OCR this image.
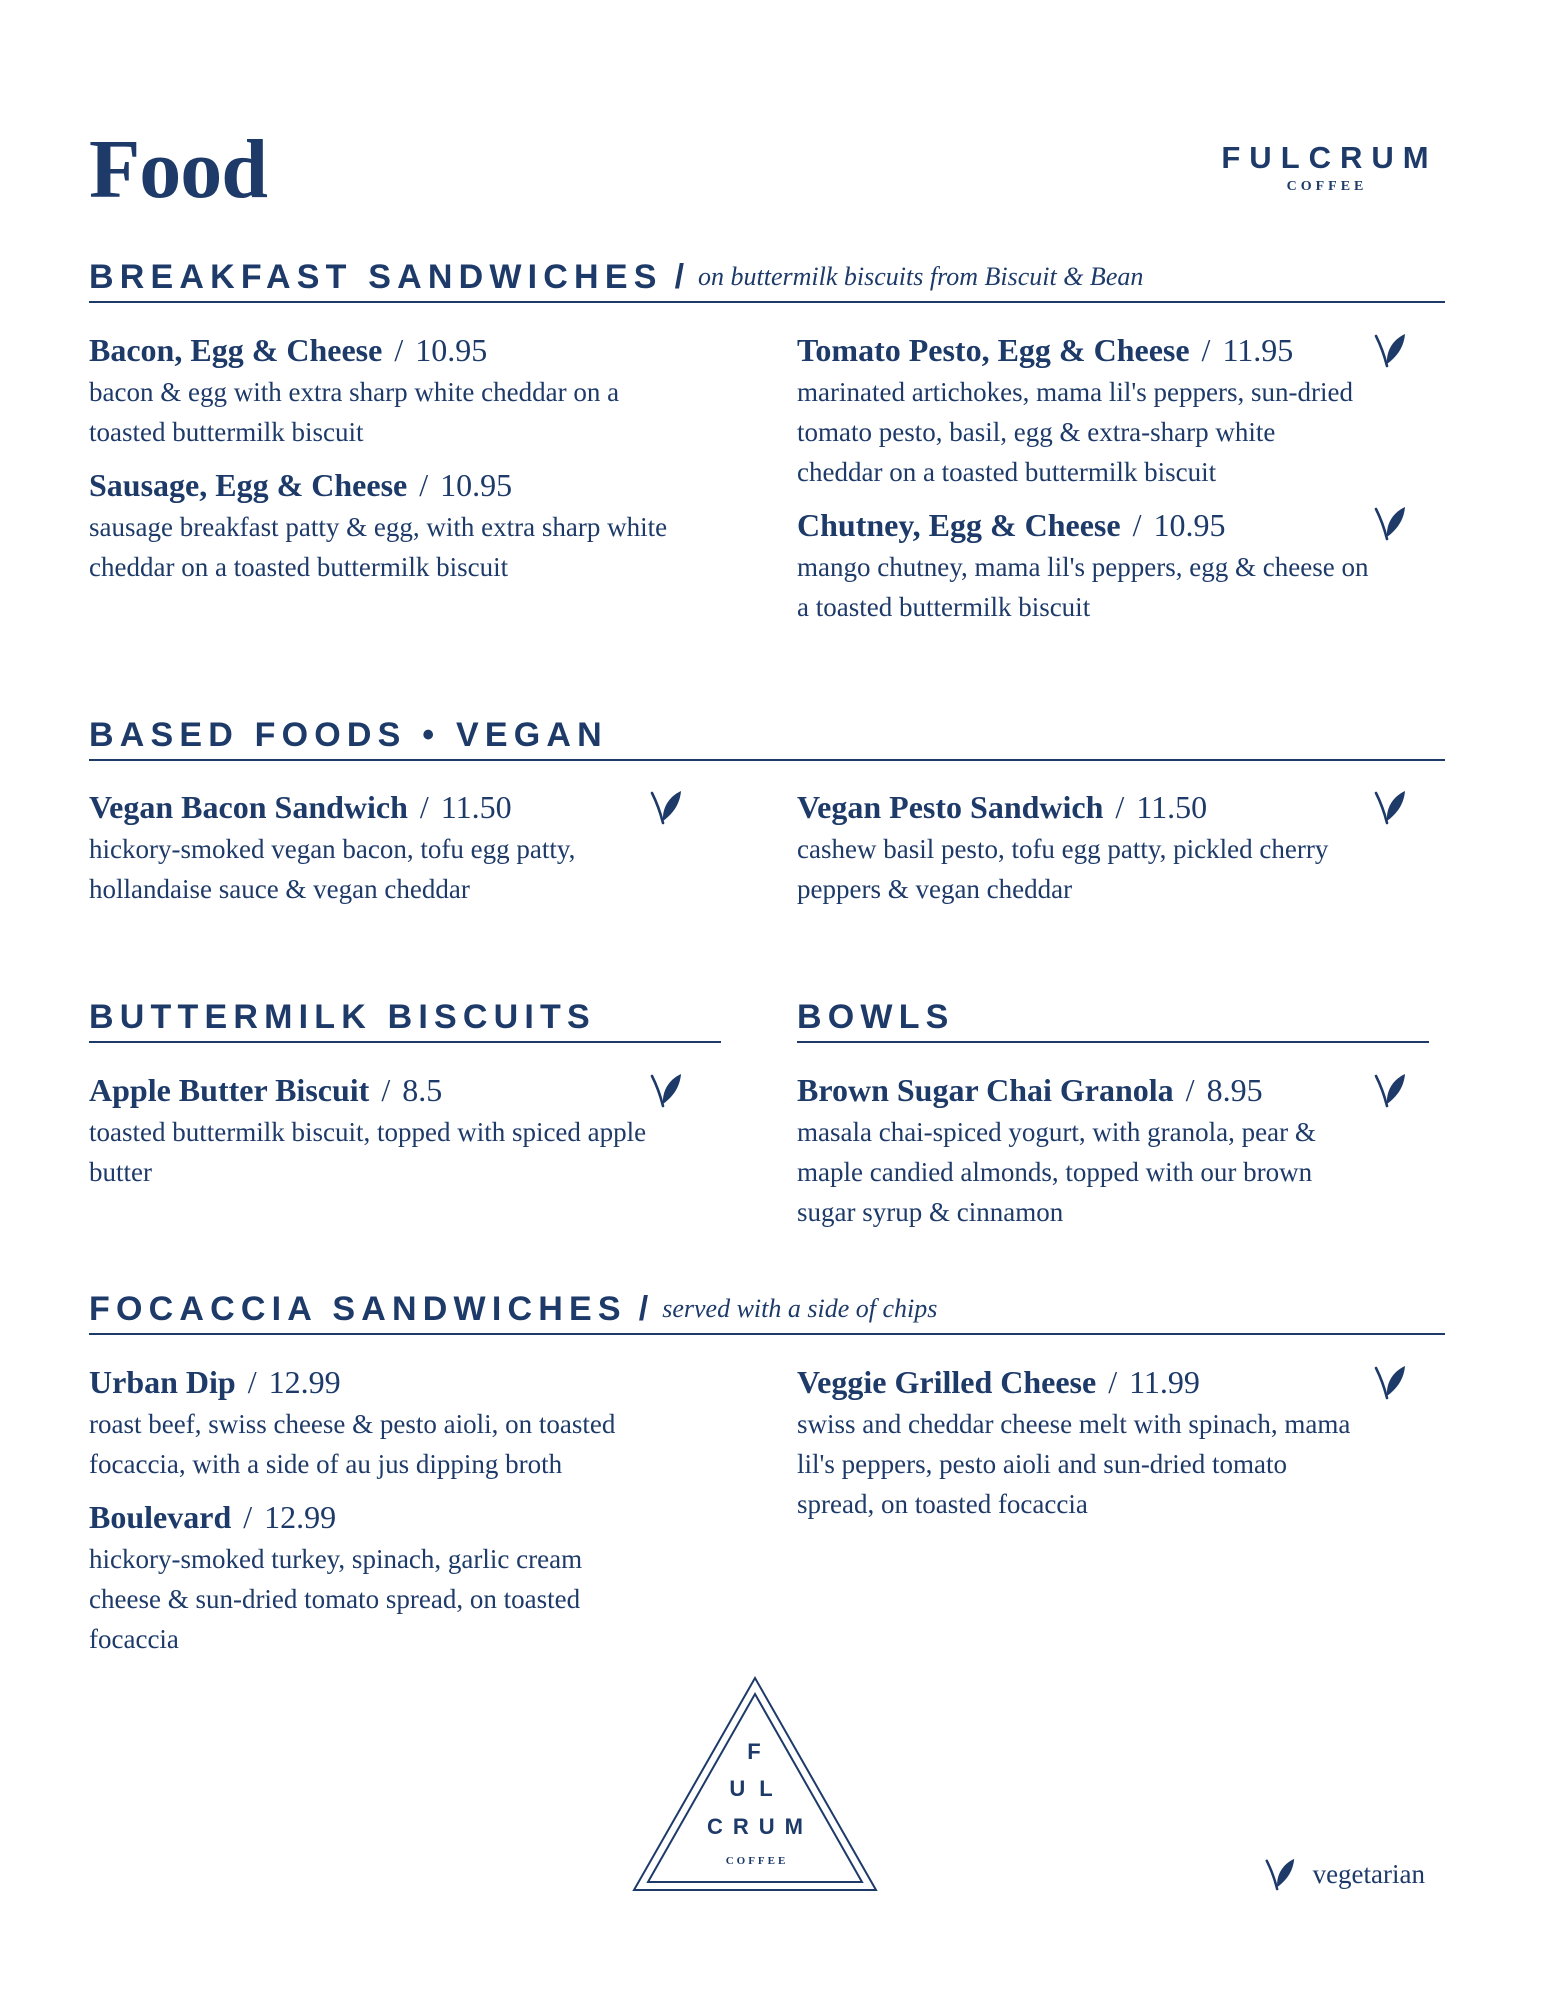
Food	FULCRUM
COFFEE
BREAKFAST SANDWICHES / on buttermilk biscuits from Biscuit & Bean

Bacon, Egg & Cheese / 10.95

bacon & egg with extra sharp white cheddar on a toasted buttermilk biscuit

Sausage, Egg & Cheese / 10.95

sausage breakfast patty & egg, with extra sharp white cheddar on a toasted buttermilk biscuit

Tomato Pesto, Egg & Cheese / 11.95

marinated artichokes, mama lil's peppers, sun-dried tomato pesto, basil, egg & extra-sharp white cheddar on a toasted buttermilk biscuit

Chutney, Egg & Cheese / 10.95

mango chutney, mama lil's peppers, egg & cheese on a toasted buttermilk biscuit

BASED FOODS • VEGAN

Vegan Bacon Sandwich / 11.50

hickory-smoked vegan bacon, tofu egg patty, hollandaise sauce & vegan cheddar

Vegan Pesto Sandwich / 11.50

cashew basil pesto, tofu egg patty, pickled cherry peppers & vegan cheddar

BUTTERMILK BISCUITS

Apple Butter Biscuit / 8.5

toasted buttermilk biscuit, topped with spiced apple butter

BOWLS

Brown Sugar Chai Granola / 8.95

masala chai-spiced yogurt, with granola, pear & maple candied almonds, topped with our brown sugar syrup & cinnamon

FOCACCIA SANDWICHES / served with a side of chips

Urban Dip / 12.99

roast beef, swiss cheese & pesto aioli, on toasted focaccia, with a side of au jus dipping broth

Boulevard / 12.99

hickory-smoked turkey, spinach, garlic cream cheese & sun-dried tomato spread, on toasted focaccia

Veggie Grilled Cheese / 11.99

swiss and cheddar cheese melt with spinach, mama lil's peppers, pesto aioli and sun-dried tomato spread, on toasted focaccia

F
UL
CRUM
COFFEE	vegetarian
